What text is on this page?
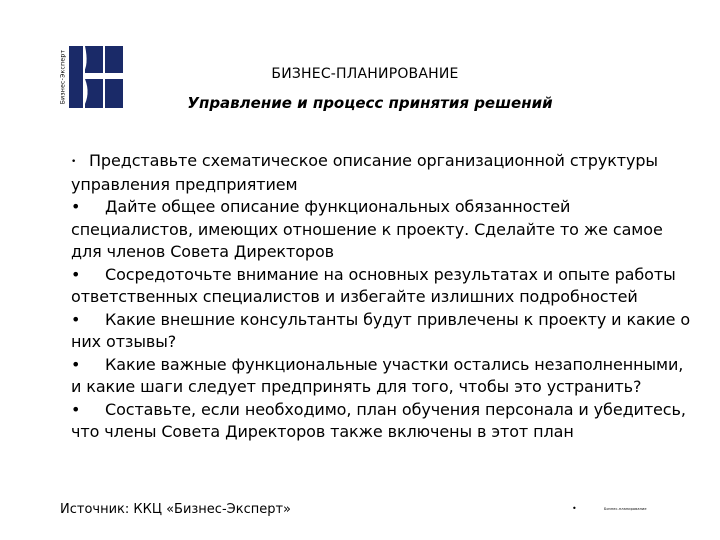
Бизнес-Эксперт	БИЗНЕС-ПЛАНИРОВАНИЕ
Управление и процесс принятия решений

• Представьте схематическое описание организационной структуры управления предприятием

• Дайте общее описание функциональных обязанностей специалистов, имеющих отношение к проекту. Сделайте то же самое для членов Совета Директоров

• Сосредоточьте внимание на основных результатах и опыте работы ответственных специалистов и избегайте излишних подробностей

• Какие внешние консультанты будут привлечены к проекту и какие о них отзывы?

• Какие важные функциональные участки остались незаполненными, и какие шаги следует предпринять для того, чтобы это устранить?

• Составьте, если необходимо, план обучения персонала и убедитесь, что члены Совета Директоров также включены в этот план

Источник: ККЦ «Бизнес-Эксперт»	•	Бизнес-планирование
